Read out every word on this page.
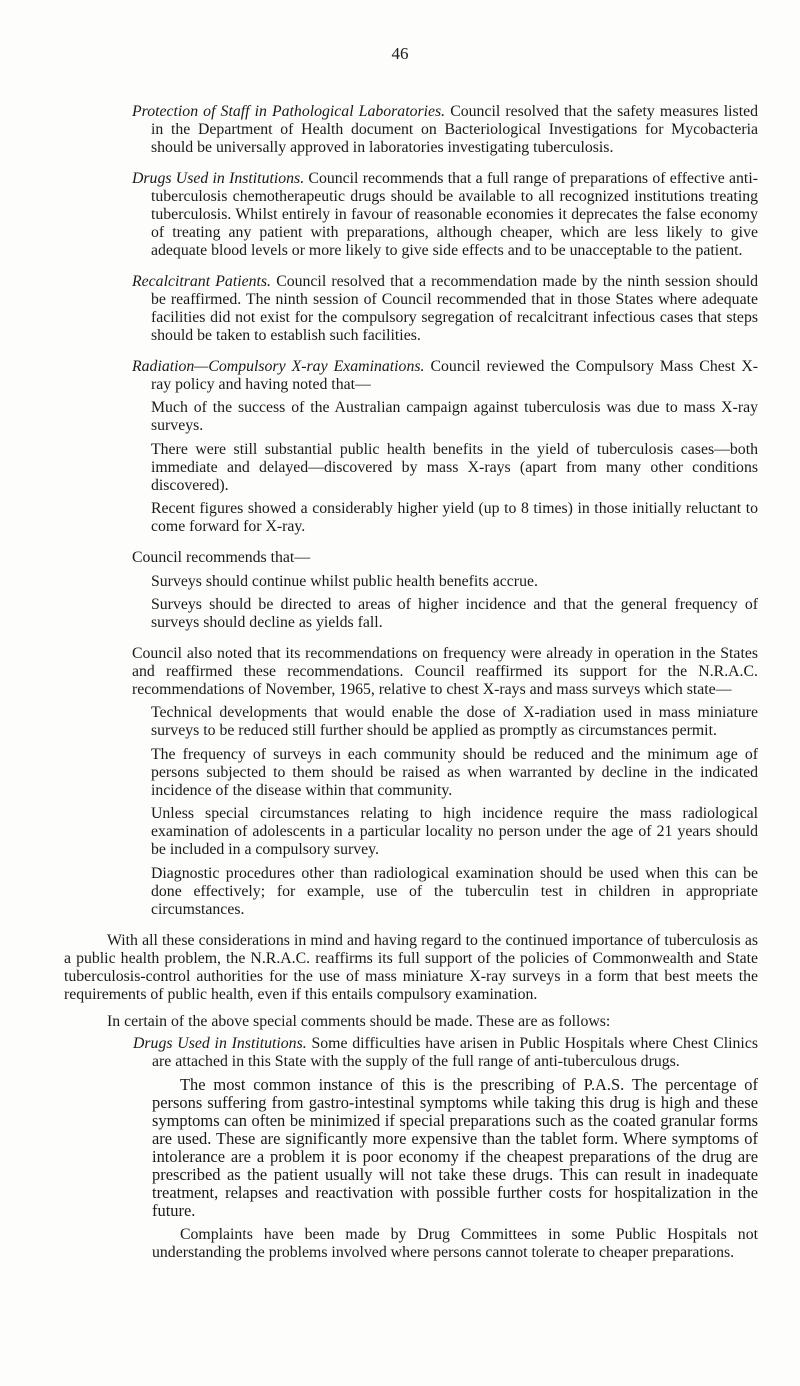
46

Protection of Staff in Pathological Laboratories. Council resolved that the safety measures listed in the Department of Health document on Bacteriological Investigations for Mycobacteria should be universally approved in laboratories investigating tuberculosis.

Drugs Used in Institutions. Council recommends that a full range of preparations of effective anti-tuberculosis chemotherapeutic drugs should be available to all recognized institutions treating tuberculosis. Whilst entirely in favour of reasonable economies it deprecates the false economy of treating any patient with preparations, although cheaper, which are less likely to give adequate blood levels or more likely to give side effects and to be unacceptable to the patient.

Recalcitrant Patients. Council resolved that a recommendation made by the ninth session should be reaffirmed. The ninth session of Council recommended that in those States where adequate facilities did not exist for the compulsory segregation of recalcitrant infectious cases that steps should be taken to establish such facilities.

Radiation—Compulsory X-ray Examinations. Council reviewed the Compulsory Mass Chest X-ray policy and having noted that—

Much of the success of the Australian campaign against tuberculosis was due to mass X-ray surveys.

There were still substantial public health benefits in the yield of tuberculosis cases—both immediate and delayed—discovered by mass X-rays (apart from many other conditions discovered).

Recent figures showed a considerably higher yield (up to 8 times) in those initially reluctant to come forward for X-ray.

Council recommends that—

Surveys should continue whilst public health benefits accrue.

Surveys should be directed to areas of higher incidence and that the general frequency of surveys should decline as yields fall.

Council also noted that its recommendations on frequency were already in operation in the States and reaffirmed these recommendations. Council reaffirmed its support for the N.R.A.C. recommendations of November, 1965, relative to chest X-rays and mass surveys which state—

Technical developments that would enable the dose of X-radiation used in mass miniature surveys to be reduced still further should be applied as promptly as circumstances permit.

The frequency of surveys in each community should be reduced and the minimum age of persons subjected to them should be raised as when warranted by decline in the indicated incidence of the disease within that community.

Unless special circumstances relating to high incidence require the mass radiological examination of adolescents in a particular locality no person under the age of 21 years should be included in a compulsory survey.

Diagnostic procedures other than radiological examination should be used when this can be done effectively; for example, use of the tuberculin test in children in appropriate circumstances.

With all these considerations in mind and having regard to the continued importance of tuberculosis as a public health problem, the N.R.A.C. reaffirms its full support of the policies of Commonwealth and State tuberculosis-control authorities for the use of mass miniature X-ray surveys in a form that best meets the requirements of public health, even if this entails compulsory examination.

In certain of the above special comments should be made. These are as follows:

Drugs Used in Institutions. Some difficulties have arisen in Public Hospitals where Chest Clinics are attached in this State with the supply of the full range of anti-tuberculous drugs.

The most common instance of this is the prescribing of P.A.S. The percentage of persons suffering from gastro-intestinal symptoms while taking this drug is high and these symptoms can often be minimized if special preparations such as the coated granular forms are used. These are significantly more expensive than the tablet form. Where symptoms of intolerance are a problem it is poor economy if the cheapest preparations of the drug are prescribed as the patient usually will not take these drugs. This can result in inadequate treatment, relapses and reactivation with possible further costs for hospitalization in the future.

Complaints have been made by Drug Committees in some Public Hospitals not understanding the problems involved where persons cannot tolerate to cheaper preparations.
